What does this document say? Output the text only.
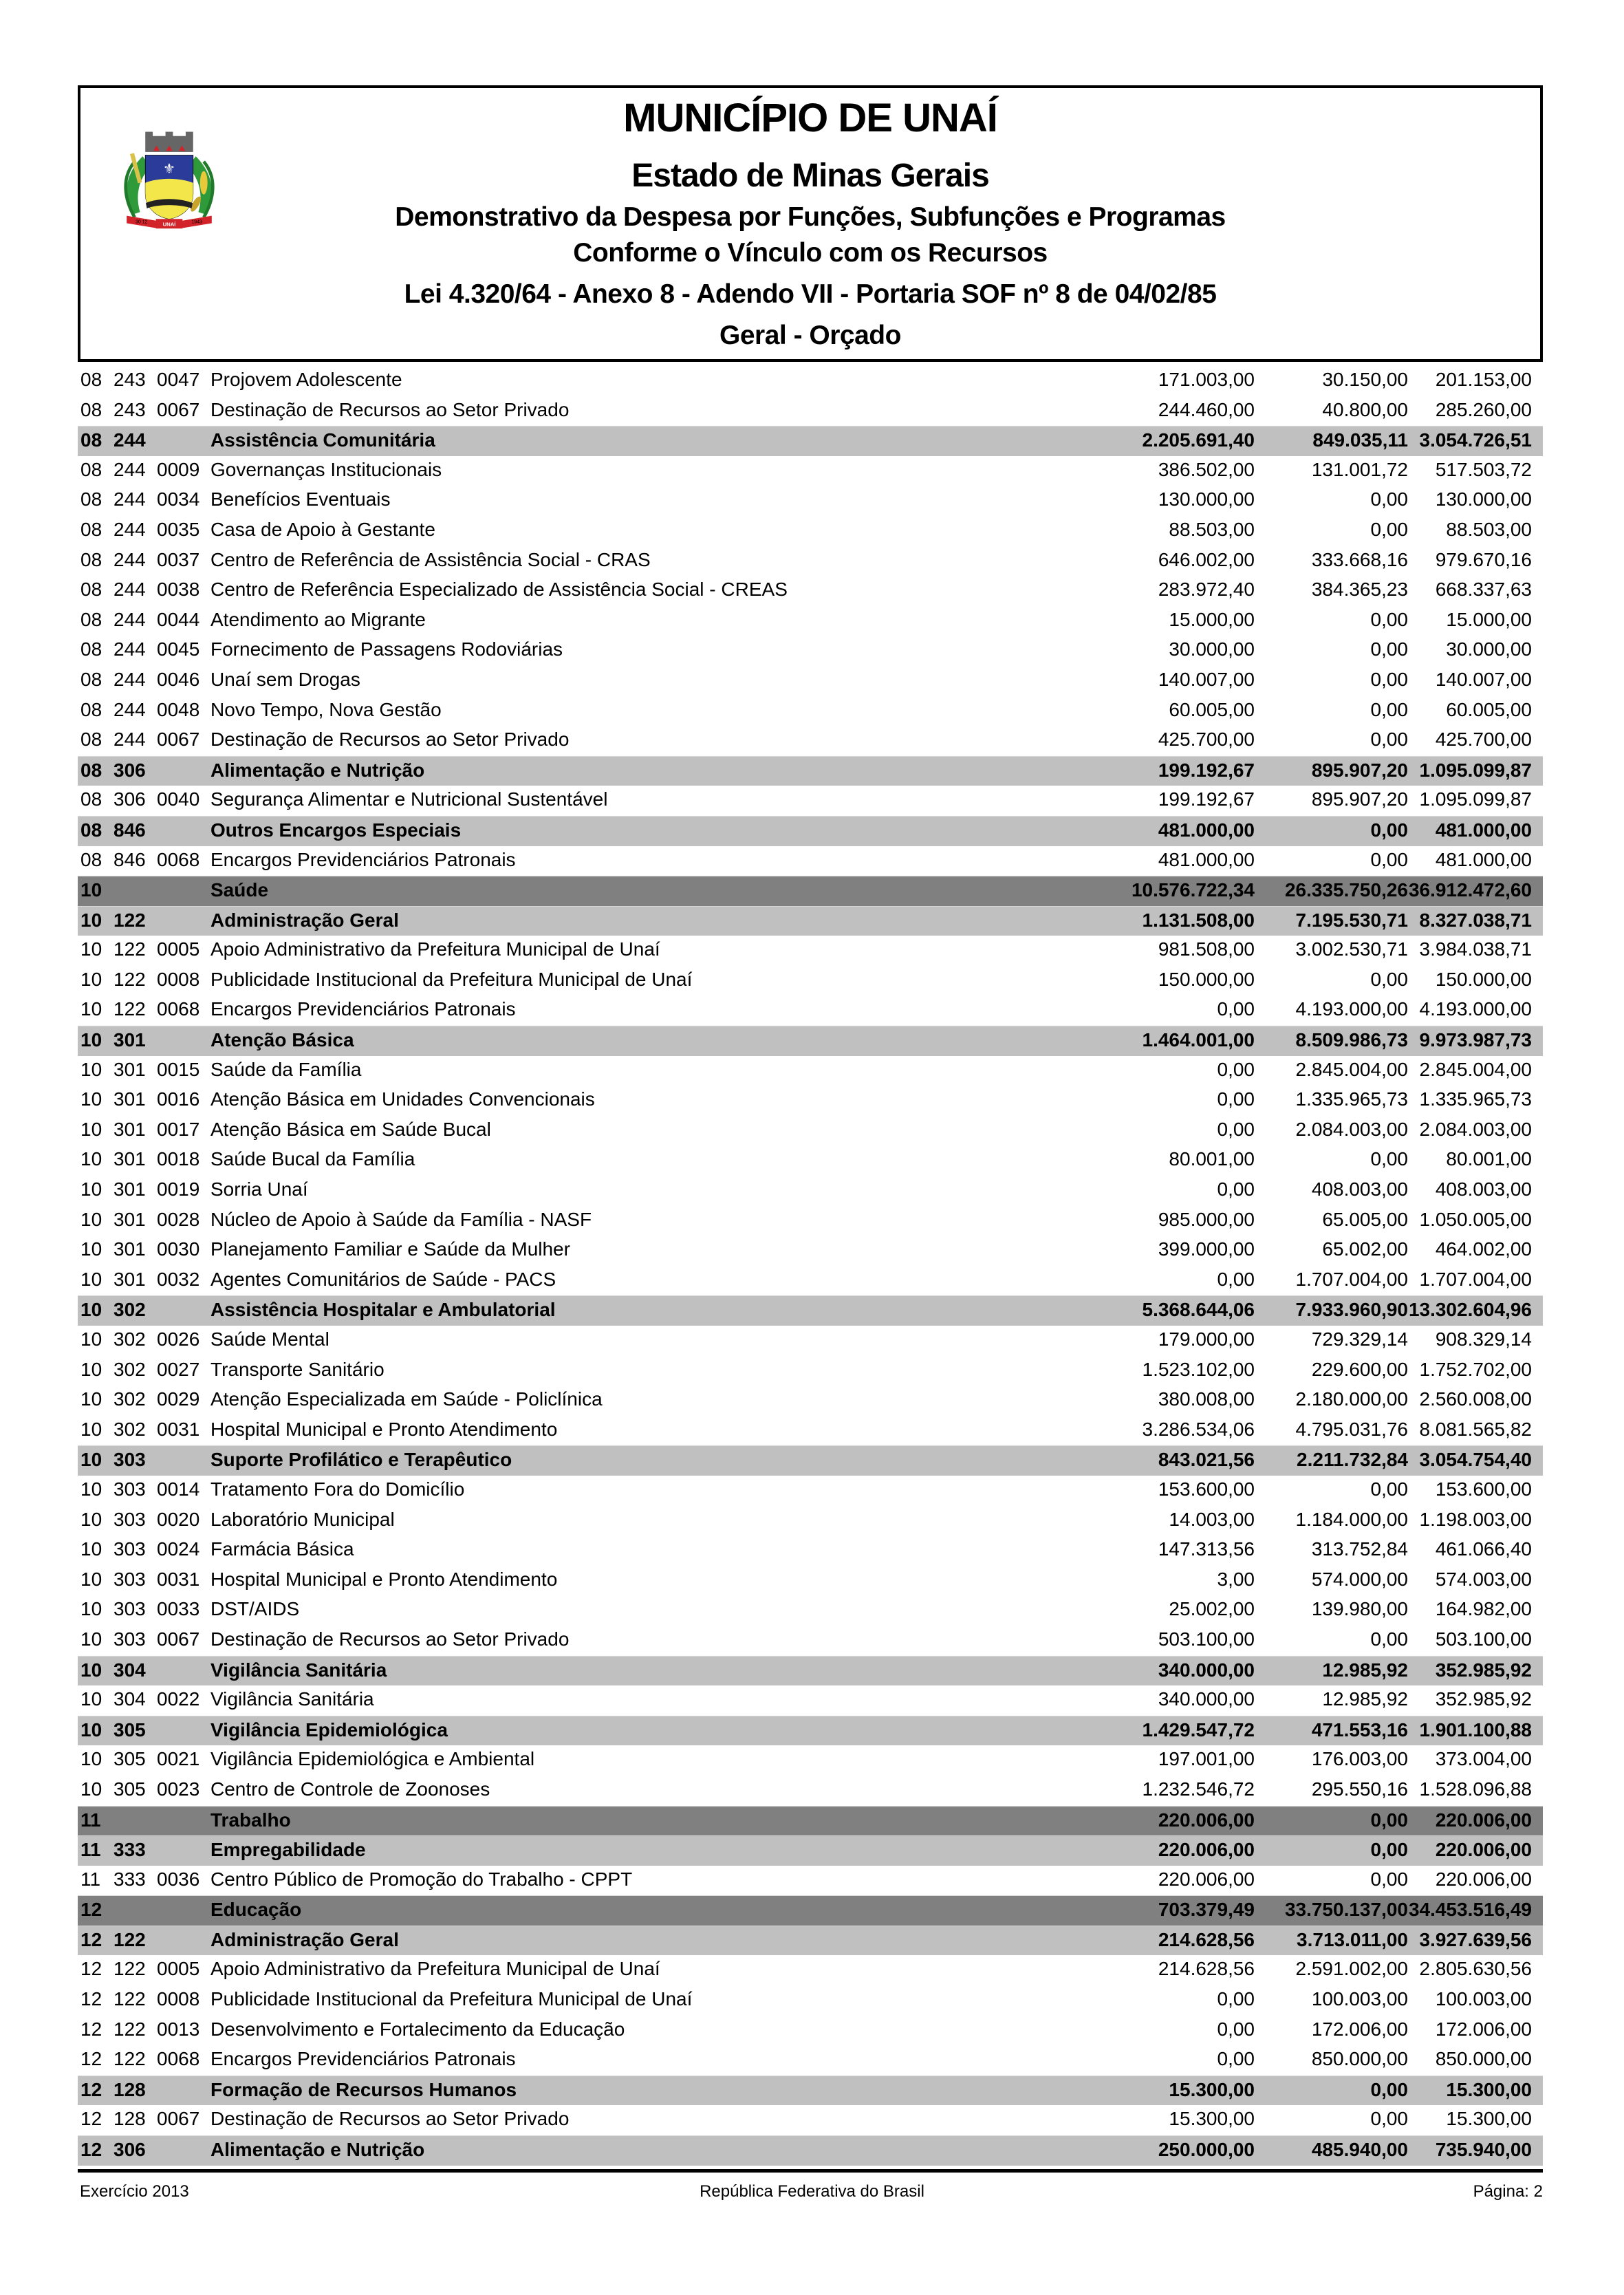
⚜
30 12 UNAÍ	1943
MUNICÍPIO DE UNAÍ
Estado de Minas Gerais
Demonstrativo da Despesa por Funções, Subfunções e Programas
Conforme o Vínculo com os Recursos
Lei 4.320/64 - Anexo 8 - Adendo VII - Portaria SOF nº 8 de 04/02/85
Geral - Orçado
08 243 0047 Projovem Adolescente	171.003,00	30.150,00 201.153,00
08 243 0067 Destinação de Recursos ao Setor Privado	244.460,00	40.800,00 285.260,00
08 244	Assistência Comunitária	2.205.691,40	849.035,11 3.054.726,51
08 244 0009 Governanças Institucionais	386.502,00	131.001,72 517.503,72
08 244 0034 Benefícios Eventuais	130.000,00	0,00 130.000,00
08 244 0035 Casa de Apoio à Gestante	88.503,00	0,00 88.503,00
08 244 0037 Centro de Referência de Assistência Social - CRAS	646.002,00	333.668,16 979.670,16
08 244 0038 Centro de Referência Especializado de Assistência Social - CREAS	283.972,40	384.365,23 668.337,63
08 244 0044 Atendimento ao Migrante	15.000,00	0,00 15.000,00
08 244 0045 Fornecimento de Passagens Rodoviárias	30.000,00	0,00 30.000,00
08 244 0046 Unaí sem Drogas	140.007,00	0,00 140.007,00
08 244 0048 Novo Tempo, Nova Gestão	60.005,00	0,00 60.005,00
08 244 0067 Destinação de Recursos ao Setor Privado	425.700,00	0,00 425.700,00
08 306	Alimentação e Nutrição	199.192,67	895.907,20 1.095.099,87
08 306 0040 Segurança Alimentar e Nutricional Sustentável	199.192,67	895.907,20 1.095.099,87
08 846	Outros Encargos Especiais	481.000,00	0,00 481.000,00
08 846 0068 Encargos Previdenciários Patronais	481.000,00	0,00 481.000,00
10	Saúde	10.576.722,34 26.335.750,26 36.912.472,60
10 122	Administração Geral	1.131.508,00 7.195.530,71 8.327.038,71
10 122 0005 Apoio Administrativo da Prefeitura Municipal de Unaí	981.508,00 3.002.530,71 3.984.038,71
10 122 0008 Publicidade Institucional da Prefeitura Municipal de Unaí	150.000,00	0,00 150.000,00
10 122 0068 Encargos Previdenciários Patronais	0,00 4.193.000,00 4.193.000,00
10 301	Atenção Básica	1.464.001,00 8.509.986,73 9.973.987,73
10 301 0015 Saúde da Família	0,00 2.845.004,00 2.845.004,00
10 301 0016 Atenção Básica em Unidades Convencionais	0,00 1.335.965,73 1.335.965,73
10 301 0017 Atenção Básica em Saúde Bucal	0,00 2.084.003,00 2.084.003,00
10 301 0018 Saúde Bucal da Família	80.001,00	0,00 80.001,00
10 301 0019 Sorria Unaí	0,00	408.003,00 408.003,00
10 301 0028 Núcleo de Apoio à Saúde da Família - NASF	985.000,00	65.005,00 1.050.005,00
10 301 0030 Planejamento Familiar e Saúde da Mulher	399.000,00	65.002,00 464.002,00
10 301 0032 Agentes Comunitários de Saúde - PACS	0,00 1.707.004,00 1.707.004,00
10 302	Assistência Hospitalar e Ambulatorial	5.368.644,06 7.933.960,90 13.302.604,96
10 302 0026 Saúde Mental	179.000,00	729.329,14 908.329,14
10 302 0027 Transporte Sanitário	1.523.102,00	229.600,00 1.752.702,00
10 302 0029 Atenção Especializada em Saúde - Policlínica	380.008,00 2.180.000,00 2.560.008,00
10 302 0031 Hospital Municipal e Pronto Atendimento	3.286.534,06 4.795.031,76 8.081.565,82
10 303	Suporte Profilático e Terapêutico	843.021,56 2.211.732,84 3.054.754,40
10 303 0014 Tratamento Fora do Domicílio	153.600,00	0,00 153.600,00
10 303 0020 Laboratório Municipal	14.003,00 1.184.000,00 1.198.003,00
10 303 0024 Farmácia Básica	147.313,56	313.752,84 461.066,40
10 303 0031 Hospital Municipal e Pronto Atendimento	3,00	574.000,00 574.003,00
10 303 0033 DST/AIDS	25.002,00	139.980,00 164.982,00
10 303 0067 Destinação de Recursos ao Setor Privado	503.100,00	0,00 503.100,00
10 304	Vigilância Sanitária	340.000,00	12.985,92 352.985,92
10 304 0022 Vigilância Sanitária	340.000,00	12.985,92 352.985,92
10 305	Vigilância Epidemiológica	1.429.547,72	471.553,16 1.901.100,88
10 305 0021 Vigilância Epidemiológica e Ambiental	197.001,00	176.003,00 373.004,00
10 305 0023 Centro de Controle de Zoonoses	1.232.546,72	295.550,16 1.528.096,88
11	Trabalho	220.006,00	0,00 220.006,00
11 333	Empregabilidade	220.006,00	0,00 220.006,00
11 333 0036 Centro Público de Promoção do Trabalho - CPPT	220.006,00	0,00 220.006,00
12	Educação	703.379,49 33.750.137,00 34.453.516,49
12 122	Administração Geral	214.628,56 3.713.011,00 3.927.639,56
12 122 0005 Apoio Administrativo da Prefeitura Municipal de Unaí	214.628,56 2.591.002,00 2.805.630,56
12 122 0008 Publicidade Institucional da Prefeitura Municipal de Unaí	0,00	100.003,00 100.003,00
12 122 0013 Desenvolvimento e Fortalecimento da Educação	0,00	172.006,00 172.006,00
12 122 0068 Encargos Previdenciários Patronais	0,00	850.000,00 850.000,00
12 128	Formação de Recursos Humanos	15.300,00	0,00 15.300,00
12 128 0067 Destinação de Recursos ao Setor Privado	15.300,00	0,00 15.300,00
12 306	Alimentação e Nutrição	250.000,00	485.940,00 735.940,00
Exercício 2013	República Federativa do Brasil	Página: 2
